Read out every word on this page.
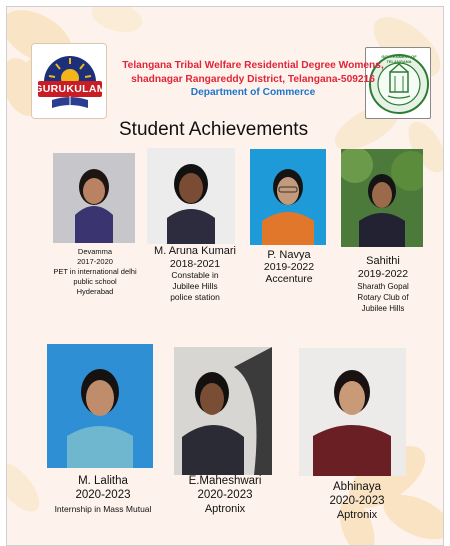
GURUKULAM
GOVERNMENT OF TELANGANA
Telangana Tribal Welfare Residential Degree Womens,
shadnagar Rangareddy District, Telangana-509216
Department of Commerce
Student Achievements
Devamma
2017-2020
PET in international delhi
public school
Hyderabad
M. Aruna Kumari
2018-2021
Constable in
Jubilee Hills
police station
P. Navya
2019-2022
Accenture
Sahithi
2019-2022
Sharath Gopal
Rotary Club of
Jubilee Hills
M. Lalitha
2020-2023
Internship in Mass Mutual
E.Maheshwari
2020-2023
Aptronix
Abhinaya
2020-2023
Aptronix
